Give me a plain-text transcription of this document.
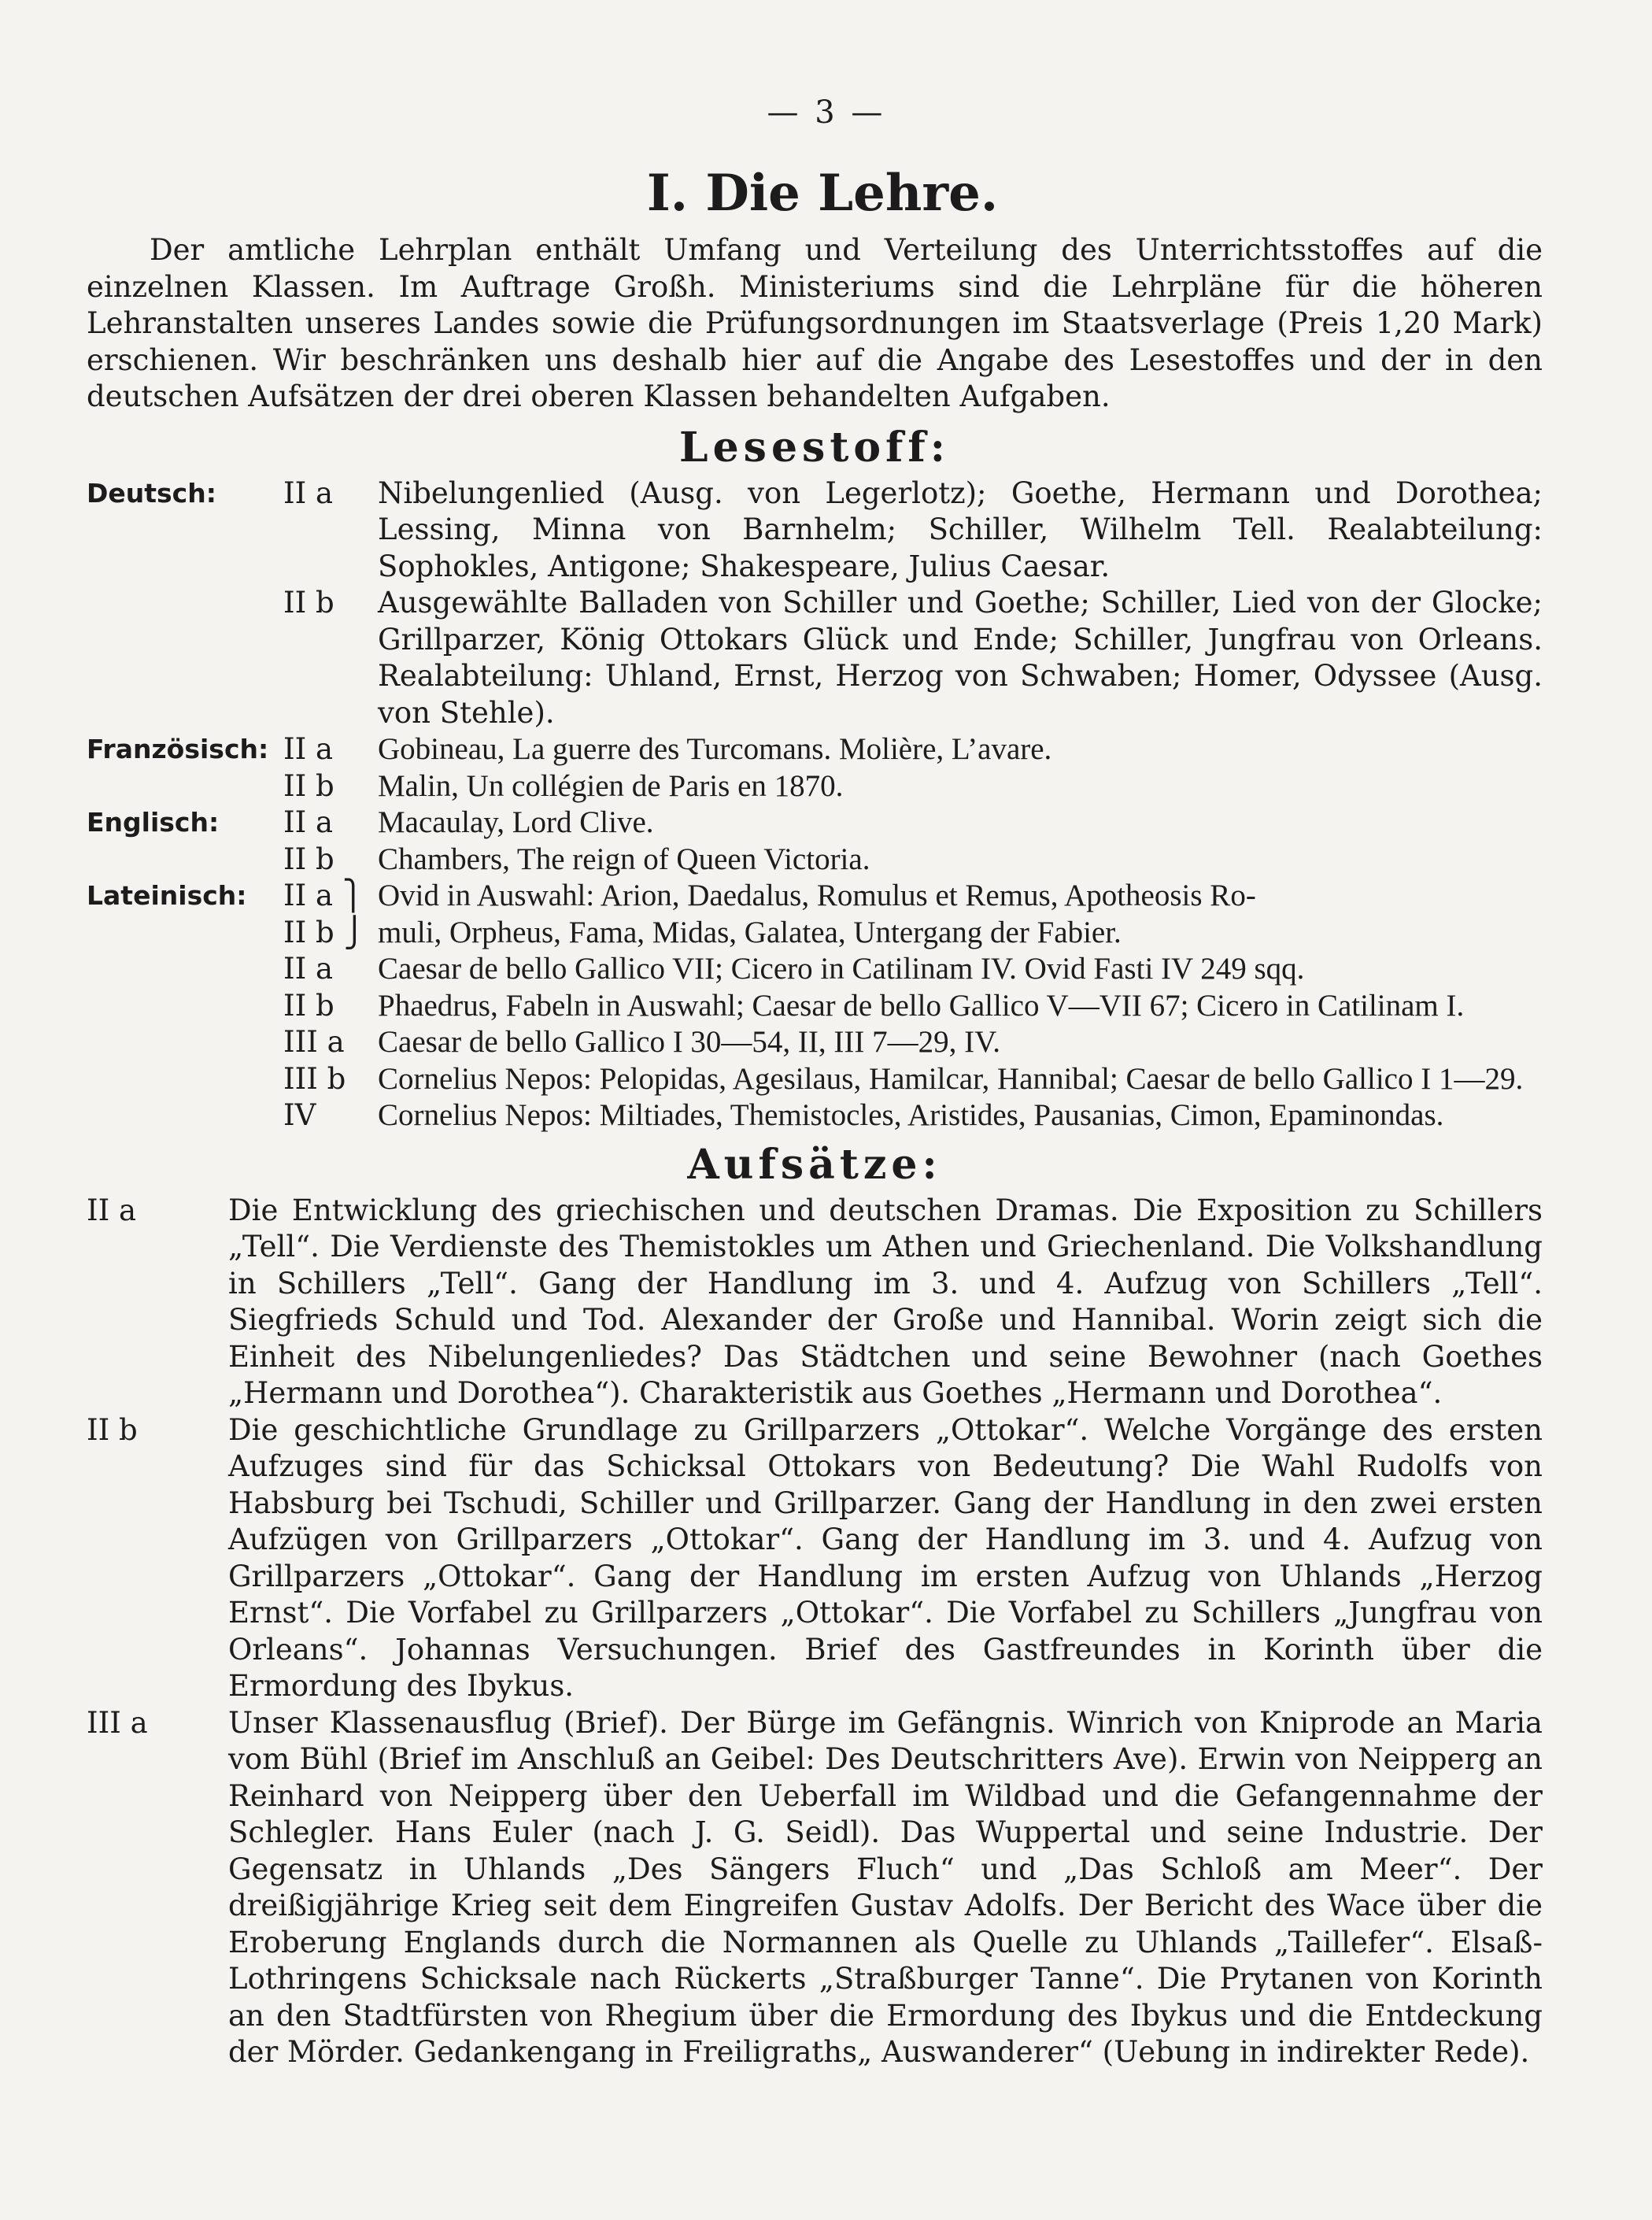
— 3 —
I. Die Lehre.

Der amtliche Lehrplan enthält Umfang und Verteilung des Unterrichtsstoffes auf die einzelnen Klassen. Im Auftrage Großh. Ministeriums sind die Lehrpläne für die höheren Lehranstalten unseres Landes sowie die Prüfungsordnungen im Staatsverlage (Preis 1,20 Mark) erschienen. Wir beschränken uns deshalb hier auf die Angabe des Lesestoffes und der in den deutschen Aufsätzen der drei oberen Klassen behandelten Aufgaben.

Lesestoff:
Deutsch:	II a	Nibelungenlied (Ausg. von Legerlotz); Goethe, Hermann und Dorothea; Lessing, Minna von Barnhelm; Schiller, Wilhelm Tell. Realabteilung: Sophokles, Antigone; Shakespeare, Julius Caesar.
II b	Ausgewählte Balladen von Schiller und Goethe; Schiller, Lied von der Glocke; Grillparzer, König Ottokars Glück und Ende; Schiller, Jungfrau von Orleans. Realabteilung: Uhland, Ernst, Herzog von Schwaben; Homer, Odyssee (Ausg. von Stehle).
Französisch: II a	Gobineau, La guerre des Turcomans. Molière, L’avare.
II b	Malin, Un collégien de Paris en 1870.
Englisch:	II a	Macaulay, Lord Clive.
II b	Chambers, The reign of Queen Victoria.
Lateinisch:	II a ⎫ Ovid in Auswahl: Arion, Daedalus, Romulus et Remus, Apotheosis Ro-
II b ⎭ muli, Orpheus, Fama, Midas, Galatea, Untergang der Fabier.
II a	Caesar de bello Gallico VII; Cicero in Catilinam IV. Ovid Fasti IV 249 sqq.
II b	Phaedrus, Fabeln in Auswahl; Caesar de bello Gallico V—VII 67; Cicero in Catilinam I.
III a	Caesar de bello Gallico I 30—54, II, III 7—29, IV.
III b	Cornelius Nepos: Pelopidas, Agesilaus, Hamilcar, Hannibal; Caesar de bello Gallico I 1—29.
IV	Cornelius Nepos: Miltiades, Themistocles, Aristides, Pausanias, Cimon, Epaminondas.
Aufsätze:
II a	Die Entwicklung des griechischen und deutschen Dramas. Die Exposition zu Schillers „Tell“. Die Verdienste des Themistokles um Athen und Griechenland. Die Volkshandlung in Schillers „Tell“. Gang der Handlung im 3. und 4. Aufzug von Schillers „Tell“. Siegfrieds Schuld und Tod. Alexander der Große und Hannibal. Worin zeigt sich die Einheit des Nibelungenliedes? Das Städtchen und seine Bewohner (nach Goethes „Hermann und Dorothea“). Charakteristik aus Goethes „Hermann und Dorothea“.
II b	Die geschichtliche Grundlage zu Grillparzers „Ottokar“. Welche Vorgänge des ersten Aufzuges sind für das Schicksal Ottokars von Bedeutung? Die Wahl Rudolfs von Habsburg bei Tschudi, Schiller und Grillparzer. Gang der Handlung in den zwei ersten Aufzügen von Grillparzers „Ottokar“. Gang der Handlung im 3. und 4. Aufzug von Grillparzers „Ottokar“. Gang der Handlung im ersten Aufzug von Uhlands „Herzog Ernst“. Die Vorfabel zu Grillparzers „Ottokar“. Die Vorfabel zu Schillers „Jungfrau von Orleans“. Johannas Versuchungen. Brief des Gastfreundes in Korinth über die Ermordung des Ibykus.
III a	Unser Klassenausflug (Brief). Der Bürge im Gefängnis. Winrich von Kniprode an Maria vom Bühl (Brief im Anschluß an Geibel: Des Deutschritters Ave). Erwin von Neipperg an Reinhard von Neipperg über den Ueberfall im Wildbad und die Gefangennahme der Schlegler. Hans Euler (nach J. G. Seidl). Das Wuppertal und seine Industrie. Der Gegensatz in Uhlands „Des Sängers Fluch“ und „Das Schloß am Meer“. Der dreißigjährige Krieg seit dem Eingreifen Gustav Adolfs. Der Bericht des Wace über die Eroberung Englands durch die Normannen als Quelle zu Uhlands „Taillefer“. Elsaß-Lothringens Schicksale nach Rückerts „Straßburger Tanne“. Die Prytanen von Korinth an den Stadtfürsten von Rhegium über die Ermordung des Ibykus und die Entdeckung der Mörder. Gedankengang in Freiligraths„ Auswanderer“ (Uebung in indirekter Rede).
